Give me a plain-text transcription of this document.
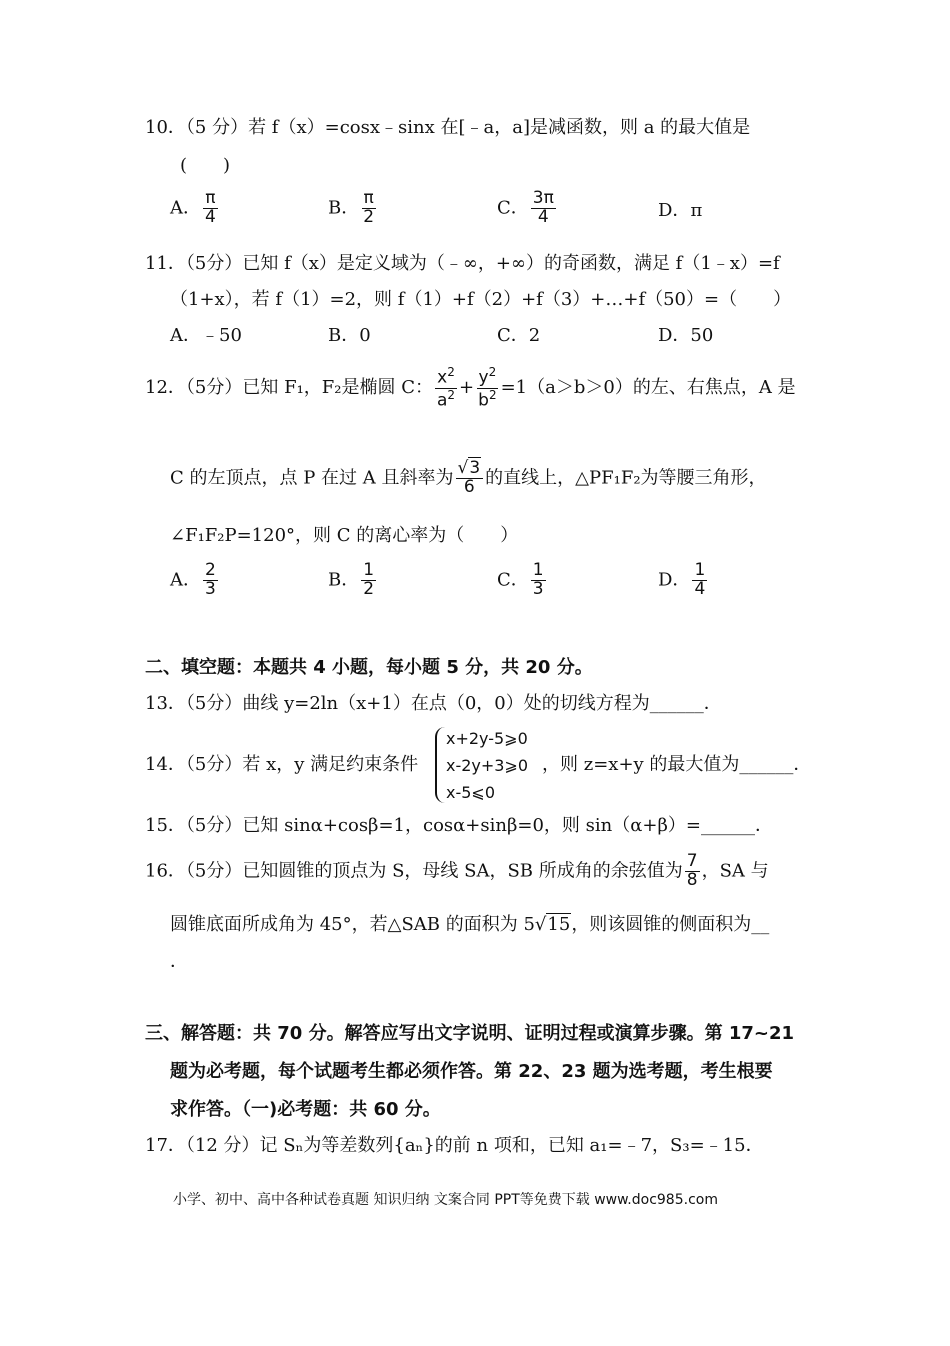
10．（5 分）若 f（x）=cosx﹣sinx 在[﹣a，a]是减函数，则 a 的最大值是
(　　)
A． $\frac{\pi}{4}$	B． $\frac{\pi}{2}$	C． $\frac{3\pi}{4}$	D．π
11．（5分）已知 f（x）是定义域为（﹣∞，+∞）的奇函数，满足 f（1﹣x）=f
（1+x），若 f（1）=2，则 f（1）+f（2）+f（3）+…+f（50）=（　　）
A．﹣50	B．0	C．2	D．50
12．（5分）已知 F₁，F₂是椭圆 C： $\frac{x^2}{a^2} + \frac{y^2}{b^2} =1(a>b>0)$的左、右焦点，A 是
C 的左顶点，点 P 在过 A 且斜率为 $\frac{√3}{6}$ 的直线上，△PF₁F₂为等腰三角形，
∠F₁F₂P=120°，则 C 的离心率为（　　）
A． $\frac{2}{3}$	B． $\frac{1}{2}$	C． $\frac{1}{3}$	D． $\frac{1}{4}$
二、填空题：本题共 4 小题，每小题 5 分，共 20 分。
13．（5分）曲线 y=2ln（x+1）在点（0，0）处的切线方程为______．
14．（5分）若 x，y 满足约束条件
x+2y-5⩾0
x-2y+3⩾0
x-5⩽0
，则 z=x+y 的最大值为______．
15．（5分）已知 sinα+cosβ=1，cosα+sinβ=0，则 sin（α+β）=______．
16．（5分）已知圆锥的顶点为 S，母线 SA，SB 所成角的余弦值为 $\frac{7}{8}$ ，SA 与
圆锥底面所成角为 45°，若△SAB 的面积为 5√15，则该圆锥的侧面积为__
．
三、解答题：共 70 分。解答应写出文字说明、证明过程或演算步骤。第 17~21
题为必考题，每个试题考生都必须作答。第 22、23 题为选考题，考生根要
求作答。（一)必考题：共 60 分。
17．（12 分）记 Sₙ为等差数列{aₙ}的前 n 项和，已知 a₁=﹣7，S₃=﹣15．
小学、初中、高中各种试卷真题 知识归纳 文案合同 PPT等免费下载 www.doc985.com
